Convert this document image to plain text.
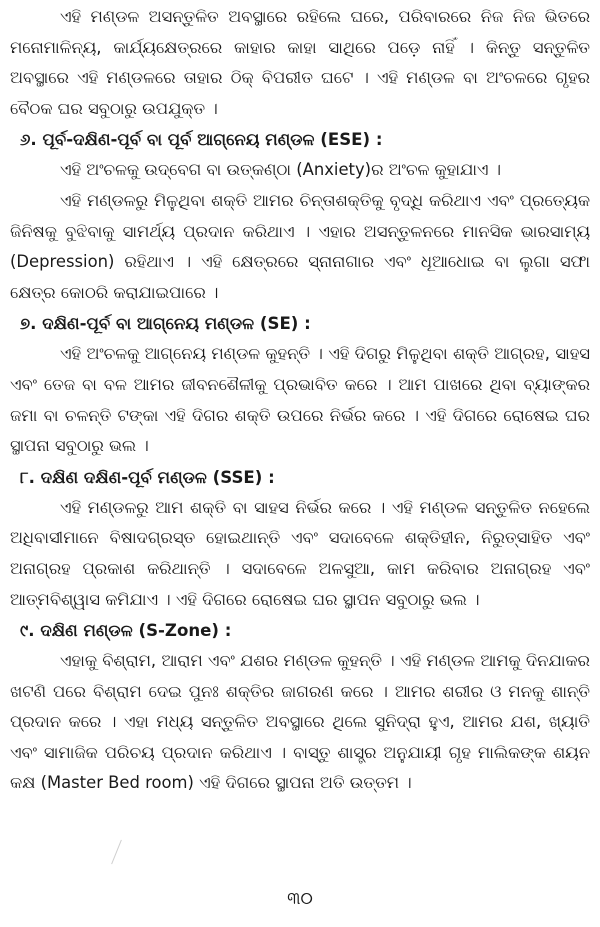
ଏହି ମଣ୍ଡଳ ଅସନ୍ତୁଳିତ ଅବସ୍ଥାରେ ରହିଲେ ଘରେ, ପରିବାରରେ ନିଜ ନିଜ ଭିତରେ ମନୋମାଳିନ୍ୟ, କାର୍ଯ୍ୟକ୍ଷେତ୍ରରେ କାହାର କାହା ସାଥିରେ ପଡ଼େ ନାହିଁ । କିନ୍ତୁ ସନ୍ତୁଳିତ ଅବସ୍ଥାରେ ଏହି ମଣ୍ଡଳରେ ତାହାର ଠିକ୍ ବିପରୀତ ଘଟେ । ଏହି ମଣ୍ଡଳ ବା ଅଂଚଳରେ ଗୃହର ବୈଠକ ଘର ସବୁଠାରୁ ଉପଯୁକ୍ତ ।

୬. ପୂର୍ବ-ଦକ୍ଷିଣ-ପୂର୍ବ ବା ପୂର୍ବ ଆଗ୍ନେୟ ମଣ୍ଡଳ (ESE) :

ଏହି ଅଂଚଳକୁ ଉଦ୍‌ବେଗ ବା ଉତ୍କଣ୍ଠା (Anxiety)ର ଅଂଚଳ କୁହାଯାଏ ।

ଏହି ମଣ୍ଡଳରୁ ମିଳୁଥିବା ଶକ୍ତି ଆମର ଚିନ୍ତାଶକ୍ତିକୁ ବୃଦ୍ଧି କରିଥାଏ ଏବଂ ପ୍ରତ୍ୟେକ ଜିନିଷକୁ ବୁଝିବାକୁ ସାମର୍ଥ୍ୟ ପ୍ରଦାନ କରିଥାଏ । ଏହାର ଅସନ୍ତୁଳନରେ ମାନସିକ ଭାରସାମ୍ୟ (Depression) ରହିଥାଏ । ଏହି କ୍ଷେତ୍ରରେ ସ୍ନାନାଗାର ଏବଂ ଧୂଆଧୋଇ ବା ଲୁଗା ସଫା କ୍ଷେତ୍ର କୋଠରି କରାଯାଇପାରେ ।

୭. ଦକ୍ଷିଣ-ପୂର୍ବ ବା ଆଗ୍ନେୟ ମଣ୍ଡଳ (SE) :

ଏହି ଅଂଚଳକୁ ଆଗ୍ନେୟ ମଣ୍ଡଳ କୁହନ୍ତି । ଏହି ଦିଗରୁ ମିଳୁଥିବା ଶକ୍ତି ଆଗ୍ରହ, ସାହସ ଏବଂ ତେଜ ବା ବଳ ଆମର ଜୀବନଶୈଳୀକୁ ପ୍ରଭାବିତ କରେ । ଆମ ପାଖରେ ଥିବା ବ୍ୟାଙ୍କର ଜମା ବା ଚଳନ୍ତି ଟଙ୍କା ଏହି ଦିଗର ଶକ୍ତି ଉପରେ ନିର୍ଭର କରେ । ଏହି ଦିଗରେ ରୋଷେଇ ଘର ସ୍ଥାପନା ସବୁଠାରୁ ଭଲ ।

୮. ଦକ୍ଷିଣ ଦକ୍ଷିଣ-ପୂର୍ବ ମଣ୍ଡଳ (SSE) :

ଏହି ମଣ୍ଡଳରୁ ଆମ ଶକ୍ତି ବା ସାହସ ନିର୍ଭର କରେ । ଏହି ମଣ୍ଡଳ ସନ୍ତୁଳିତ ନହେଲେ ଅଧିବାସୀମାନେ ବିଷାଦଗ୍ରସ୍ତ ହୋଇଥାନ୍ତି ଏବଂ ସଦାବେଳେ ଶକ୍ତିହୀନ, ନିରୁତ୍ସାହିତ ଏବଂ ଅନାଗ୍ରହ ପ୍ରକାଶ କରିଥାନ୍ତି । ସଦାବେଳେ ଅଳସୁଆ, କାମ କରିବାର ଅନାଗ୍ରହ ଏବଂ ଆତ୍ମବିଶ୍ୱାସ କମିଯାଏ । ଏହି ଦିଗରେ ରୋଷେଇ ଘର ସ୍ଥାପନ ସବୁଠାରୁ ଭଲ ।

୯. ଦକ୍ଷିଣ ମଣ୍ଡଳ (S-Zone) :

ଏହାକୁ ବିଶ୍ରାମ, ଆରାମ ଏବଂ ଯଶର ମଣ୍ଡଳ କୁହନ୍ତି । ଏହି ମଣ୍ଡଳ ଆମକୁ ଦିନଯାକର ଖଟଣି ପରେ ବିଶ୍ରାମ ଦେଇ ପୁନଃ ଶକ୍ତିର ଜାଗରଣ କରେ । ଆମର ଶରୀର ଓ ମନକୁ ଶାନ୍ତି ପ୍ରଦାନ କରେ । ଏହା ମଧ୍ୟ ସନ୍ତୁଳିତ ଅବସ୍ଥାରେ ଥିଲେ ସୁନିଦ୍ରା ହୁଏ, ଆମର ଯଶ, ଖ୍ୟାତି ଏବଂ ସାମାଜିକ ପରିଚୟ ପ୍ରଦାନ କରିଥାଏ । ବାସ୍ତୁ ଶାସ୍ତ୍ର ଅନୁଯାୟୀ ଗୃହ ମାଲିକଙ୍କ ଶୟନ କକ୍ଷ (Master Bed room) ଏହି ଦିଗରେ ସ୍ଥାପନା ଅତି ଉତ୍ତମ ।

୩୦
